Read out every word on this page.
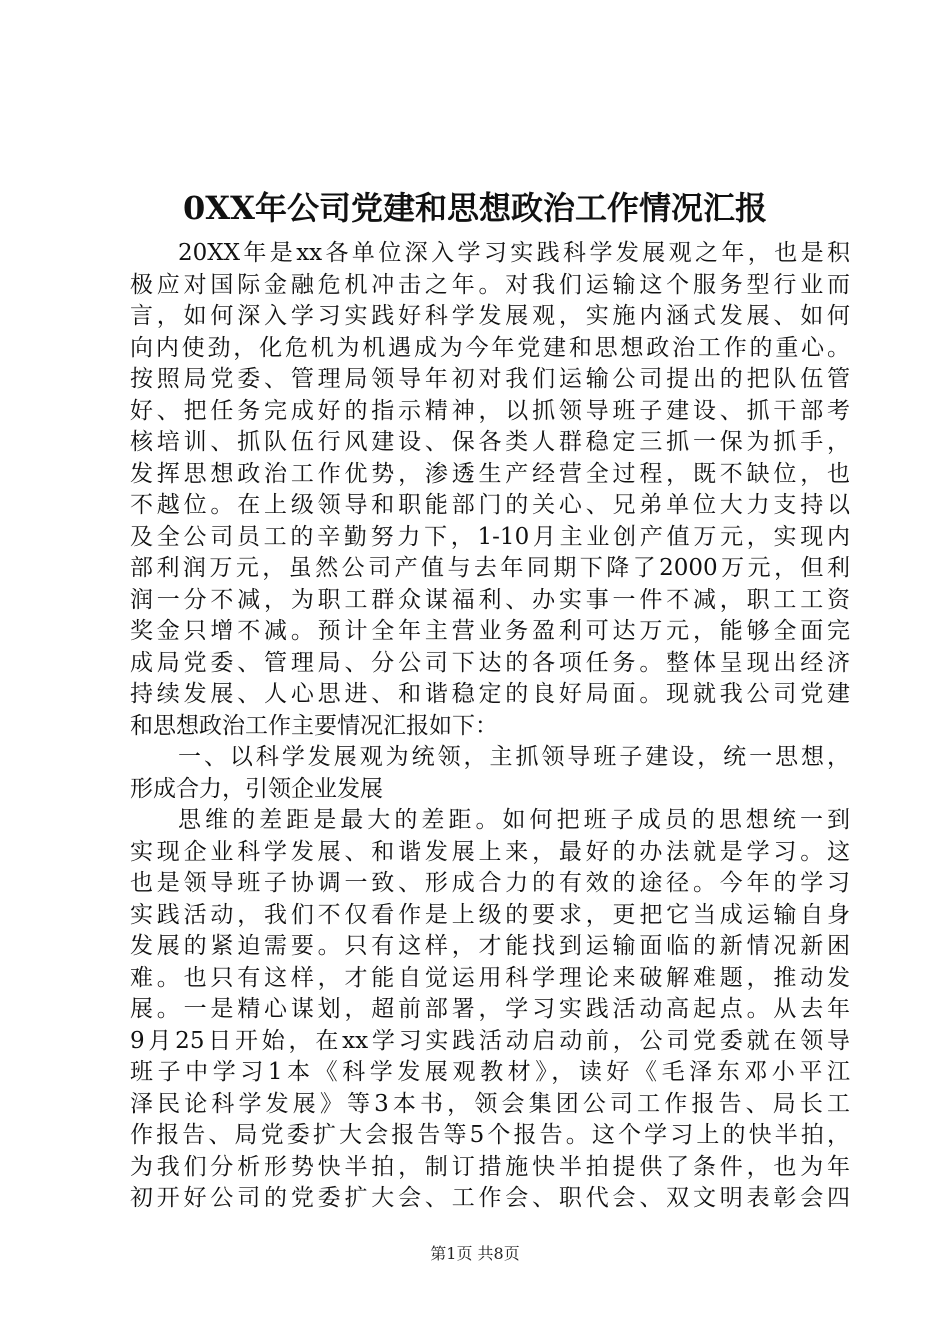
0XX年公司党建和思想政治工作情况汇报
20XX年是xx各单位深入学习实践科学发展观之年，也是积
极应对国际金融危机冲击之年。对我们运输这个服务型行业而
言，如何深入学习实践好科学发展观，实施内涵式发展、如何
向内使劲，化危机为机遇成为今年党建和思想政治工作的重心。
按照局党委、管理局领导年初对我们运输公司提出的把队伍管
好、把任务完成好的指示精神，以抓领导班子建设、抓干部考
核培训、抓队伍行风建设、保各类人群稳定三抓一保为抓手，
发挥思想政治工作优势，渗透生产经营全过程，既不缺位，也
不越位。在上级领导和职能部门的关心、兄弟单位大力支持以
及全公司员工的辛勤努力下，1-10月主业创产值万元，实现内
部利润万元，虽然公司产值与去年同期下降了2000万元，但利
润一分不减，为职工群众谋福利、办实事一件不减，职工工资
奖金只增不减。预计全年主营业务盈利可达万元，能够全面完
成局党委、管理局、分公司下达的各项任务。整体呈现出经济
持续发展、人心思进、和谐稳定的良好局面。现就我公司党建
和思想政治工作主要情况汇报如下：
一、以科学发展观为统领，主抓领导班子建设，统一思想，
形成合力，引领企业发展
思维的差距是最大的差距。如何把班子成员的思想统一到
实现企业科学发展、和谐发展上来，最好的办法就是学习。这
也是领导班子协调一致、形成合力的有效的途径。今年的学习
实践活动，我们不仅看作是上级的要求，更把它当成运输自身
发展的紧迫需要。只有这样，才能找到运输面临的新情况新困
难。也只有这样，才能自觉运用科学理论来破解难题，推动发
展。一是精心谋划，超前部署，学习实践活动高起点。从去年
9月25日开始，在xx学习实践活动启动前，公司党委就在领导
班子中学习1本《科学发展观教材》，读好《毛泽东邓小平江
泽民论科学发展》等3本书，领会集团公司工作报告、局长工
作报告、局党委扩大会报告等5个报告。这个学习上的快半拍，
为我们分析形势快半拍，制订措施快半拍提供了条件，也为年
初开好公司的党委扩大会、工作会、职代会、双文明表彰会四
第1页 共8页
